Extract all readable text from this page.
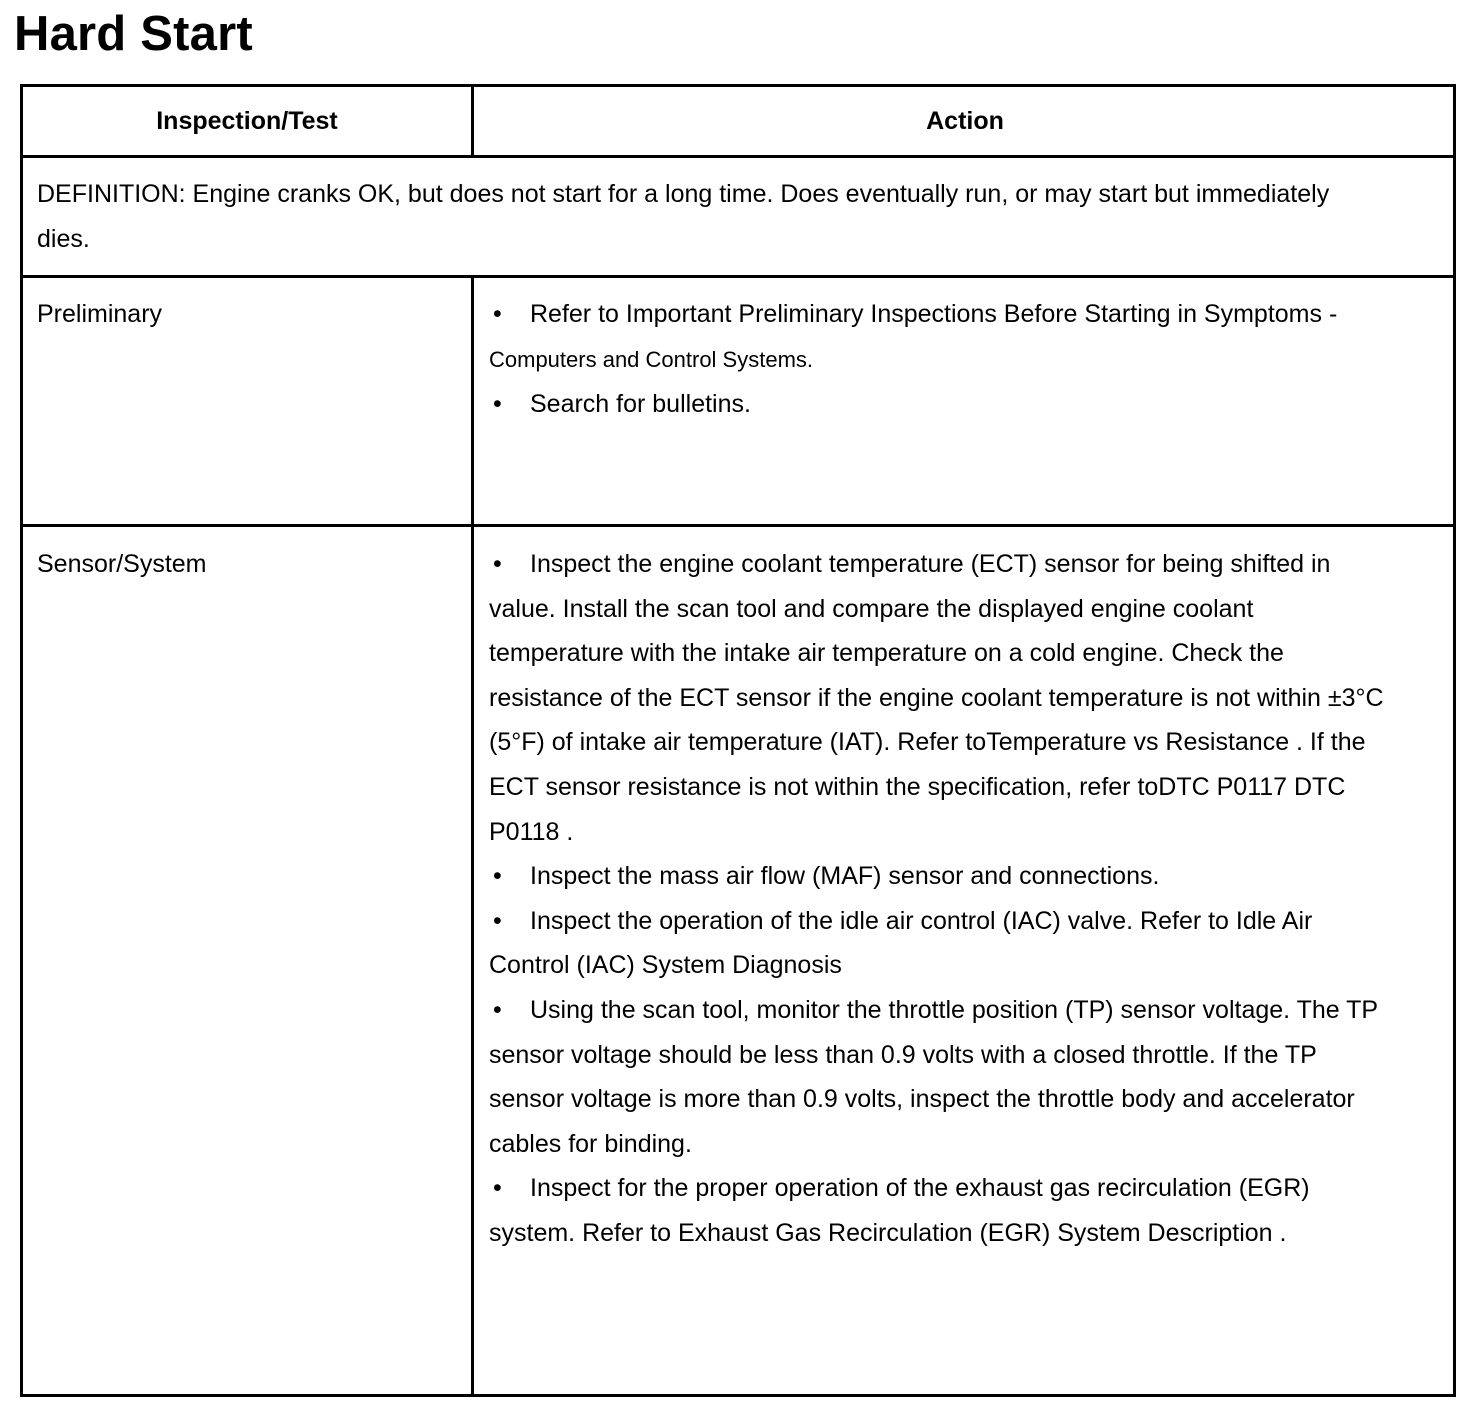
Hard Start
Inspection/Test	Action
DEFINITION: Engine cranks OK, but does not start for a long time. Does eventually run, or may start but immediately dies.
Preliminary	• Refer to Important Preliminary Inspections Before Starting in Symptoms -Computers and Control Systems.

• Search for bulletins.

Sensor/System	• Inspect the engine coolant temperature (ECT) sensor for being shifted in value. Install the scan tool and compare the displayed engine coolant temperature with the intake air temperature on a cold engine. Check the resistance of the ECT sensor if the engine coolant temperature is not within ±3°C (5°F) of intake air temperature (IAT). Refer toTemperature vs Resistance . If the ECT sensor resistance is not within the specification, refer toDTC P0117 DTC P0118 .

• Inspect the mass air flow (MAF) sensor and connections.

• Inspect the operation of the idle air control (IAC) valve. Refer to Idle Air Control (IAC) System Diagnosis

• Using the scan tool, monitor the throttle position (TP) sensor voltage. The TP sensor voltage should be less than 0.9 volts with a closed throttle. If the TP sensor voltage is more than 0.9 volts, inspect the throttle body and accelerator cables for binding.

• Inspect for the proper operation of the exhaust gas recirculation (EGR) system. Refer to Exhaust Gas Recirculation (EGR) System Description .
